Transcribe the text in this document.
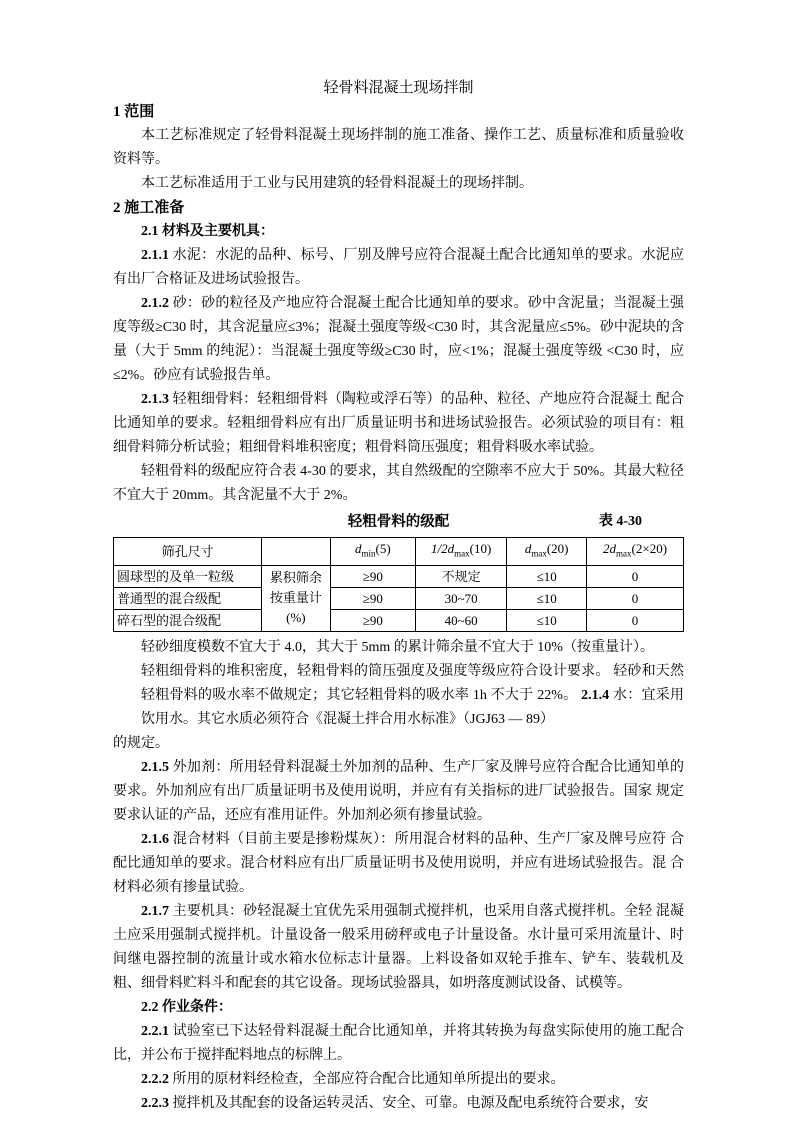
轻骨料混凝土现场拌制
1 范围

本工艺标准规定了轻骨料混凝土现场拌制的施工准备、操作工艺、质量标准和质量验收资料等。

本工艺标准适用于工业与民用建筑的轻骨料混凝土的现场拌制。

2 施工准备

2.1 材料及主要机具：

2.1.1 水泥：水泥的品种、标号、厂别及牌号应符合混凝土配合比通知单的要求。水泥应有出厂合格证及进场试验报告。

2.1.2 砂：砂的粒径及产地应符合混凝土配合比通知单的要求。砂中含泥量；当混凝土强度等级≥C30 时，其含泥量应≤3%；混凝土强度等级<C30 时，其含泥量应≤5%。砂中泥块的含量（大于 5mm 的纯泥）：当混凝土强度等级≥C30 时，应<1%；混凝土强度等级 <C30 时，应≤2%。砂应有试验报告单。

2.1.3 轻粗细骨料：轻粗细骨料（陶粒或浮石等）的品种、粒径、产地应符合混凝土 配合比通知单的要求。轻粗细骨料应有出厂质量证明书和进场试验报告。必须试验的项目有：粗细骨料筛分析试验；粗细骨料堆积密度；粗骨料筒压强度；粗骨料吸水率试验。

轻粗骨料的级配应符合表 4-30 的要求，其自然级配的空隙率不应大于 50%。其最大粒径不宜大于 20mm。其含泥量不大于 2%。

轻粗骨料的级配	表 4-30
筛孔尺寸		$d_{min}(5)$	$1/2d_{max}(10)$	$d_{max}(20)$	$2d_{max}(2\times 20)$
圆球型的及单一粒级	累积筛余
按重量计
(%)	≥90	不规定	≤10	0
普通型的混合级配		≥90	30~70	≤10	0
碎石型的混合级配		≥90	40~60	≤10	0

轻砂细度模数不宜大于 4.0，其大于 5mm 的累计筛余量不宜大于 10%（按重量计）。

轻粗细骨料的堆积密度，轻粗骨料的筒压强度及强度等级应符合设计要求。 轻砂和天然轻粗骨料的吸水率不做规定；其它轻粗骨料的吸水率 1h 不大于 22%。 2.1.4 水：宜采用饮用水。其它水质必须符合《混凝土拌合用水标准》（JGJ63 — 89）

的规定。

2.1.5 外加剂：所用轻骨料混凝土外加剂的品种、生产厂家及牌号应符合配合比通知单的要求。外加剂应有出厂质量证明书及使用说明，并应有有关指标的进厂试验报告。国家 规定要求认证的产品，还应有准用证件。外加剂必须有掺量试验。

2.1.6 混合材料（目前主要是掺粉煤灰）：所用混合材料的品种、生产厂家及牌号应符 合配比通知单的要求。混合材料应有出厂质量证明书及使用说明，并应有进场试验报告。混 合材料必须有掺量试验。

2.1.7 主要机具：砂轻混凝土宜优先采用强制式搅拌机，也采用自落式搅拌机。全轻 混凝土应采用强制式搅拌机。计量设备一般采用磅秤或电子计量设备。水计量可采用流量计、时间继电器控制的流量计或水箱水位标志计量器。上料设备如双轮手推车、铲车、装载机及粗、细骨料贮料斗和配套的其它设备。现场试验器具，如坍落度测试设备、试模等。

2.2 作业条件：

2.2.1 试验室已下达轻骨料混凝土配合比通知单，并将其转换为每盘实际使用的施工配合比，并公布于搅拌配料地点的标牌上。

2.2.2 所用的原材料经检查，全部应符合配合比通知单所提出的要求。

2.2.3 搅拌机及其配套的设备运转灵活、安全、可靠。电源及配电系统符合要求，安
